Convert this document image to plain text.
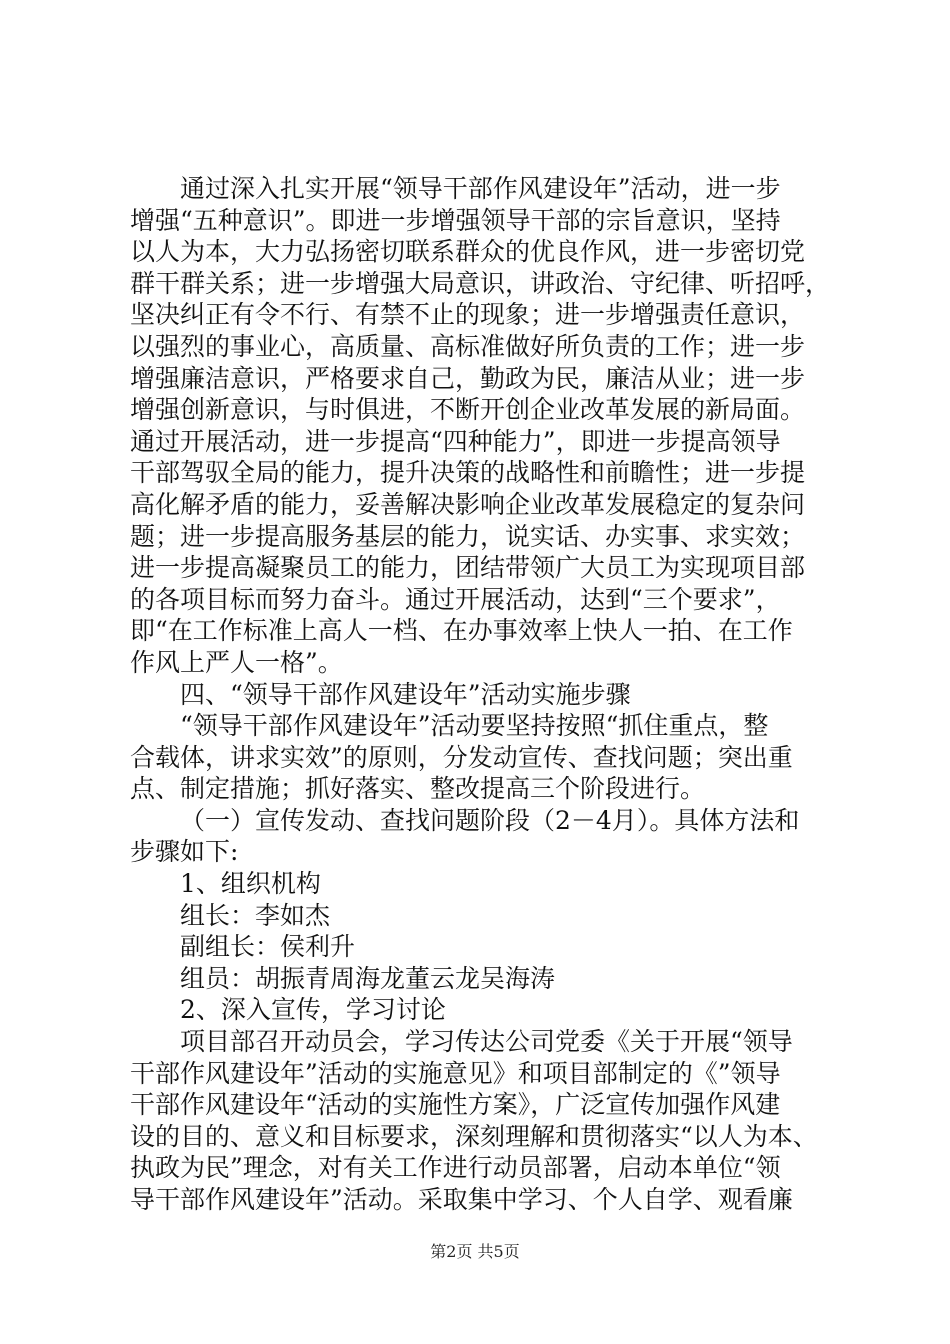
通过深入扎实开展“领导干部作风建设年”活动，进一步
增强“五种意识”。即进一步增强领导干部的宗旨意识，坚持
以人为本，大力弘扬密切联系群众的优良作风，进一步密切党
群干群关系；进一步增强大局意识，讲政治、守纪律、听招呼，
坚决纠正有令不行、有禁不止的现象；进一步增强责任意识，
以强烈的事业心，高质量、高标准做好所负责的工作；进一步
增强廉洁意识，严格要求自己，勤政为民，廉洁从业；进一步
增强创新意识，与时俱进，不断开创企业改革发展的新局面。
通过开展活动，进一步提高“四种能力”，即进一步提高领导
干部驾驭全局的能力，提升决策的战略性和前瞻性；进一步提
高化解矛盾的能力，妥善解决影响企业改革发展稳定的复杂问
题；进一步提高服务基层的能力，说实话、办实事、求实效；
进一步提高凝聚员工的能力，团结带领广大员工为实现项目部
的各项目标而努力奋斗。通过开展活动，达到“三个要求”，
即“在工作标准上高人一档、在办事效率上快人一拍、在工作
作风上严人一格”。
四、“领导干部作风建设年”活动实施步骤
“领导干部作风建设年”活动要坚持按照“抓住重点，整
合载体，讲求实效”的原则，分发动宣传、查找问题；突出重
点、制定措施；抓好落实、整改提高三个阶段进行。
（一）宣传发动、查找问题阶段（2－4月）。具体方法和
步骤如下:
1、组织机构
组长：李如杰
副组长：侯利升
组员：胡振青周海龙董云龙吴海涛
2、深入宣传，学习讨论
项目部召开动员会，学习传达公司党委《关于开展“领导
干部作风建设年”活动的实施意见》和项目部制定的《”领导
干部作风建设年“活动的实施性方案》，广泛宣传加强作风建
设的目的、意义和目标要求，深刻理解和贯彻落实“以人为本、
执政为民”理念，对有关工作进行动员部署，启动本单位“领
导干部作风建设年”活动。采取集中学习、个人自学、观看廉
第2页 共5页
